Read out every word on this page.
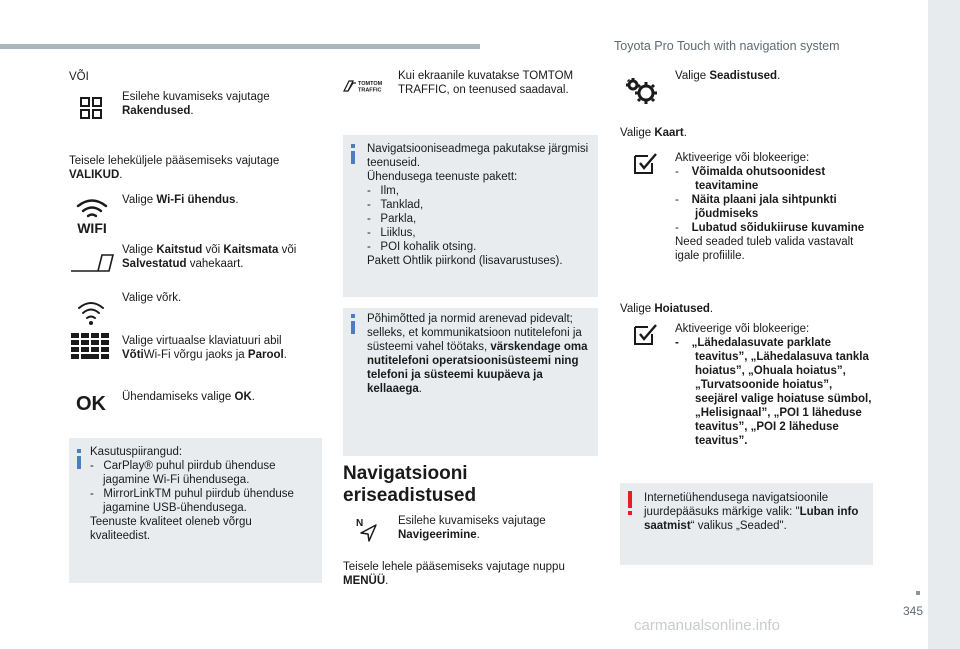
Toyota Pro Touch with navigation system
345
VÕI
Esilehe kuvamiseks vajutage Rakendused.
Teisele leheküljele pääsemiseks vajutage VALIKUD.
WIFI
Valige Wi-Fi ühendus.
Valige Kaitstud või Kaitsmata või Salvestatud vahekaart.
Valige võrk.
Valige virtuaalse klaviatuuri abil VõtiWi-Fi võrgu jaoks ja Parool.
OK Ühendamiseks valige OK.
Kasutuspiirangud:
-   CarPlay® puhul piirdub ühenduse jagamine Wi-Fi ühendusega.
-   MirrorLinkTM puhul piirdub ühenduse jagamine USB-ühendusega.
Teenuste kvaliteet oleneb võrgu kvaliteedist.
TOMTOM
TRAFFIC
Kui ekraanile kuvatakse TOMTOM TRAFFIC, on teenused saadaval.
Navigatsiooniseadmega pakutakse järgmisi teenuseid.
Ühendusega teenuste pakett:
-   Ilm,
-   Tanklad,
-   Parkla,
-   Liiklus,
-   POI kohalik otsing.
Pakett Ohtlik piirkond (lisavarustuses).
Põhimõtted ja normid arenevad pidevalt; selleks, et kommunikatsioon nutitelefoni ja süsteemi vahel töötaks, värskendage oma nutitelefoni operatsioonisüsteemi ning telefoni ja süsteemi kuupäeva ja kellaaega.
Navigatsiooni eriseadistused
N	Esilehe kuvamiseks vajutage Navigeerimine.
Teisele lehele pääsemiseks vajutage nuppu MENÜÜ.
Valige Seadistused.
Valige Kaart.
Aktiveerige või blokeerige:
-    Võimalda ohutsoonidest teavitamine
-    Näita plaani jala sihtpunkti jõudmiseks
-    Lubatud sõidukiiruse kuvamine
Need seaded tuleb valida vastavalt igale profiilile.
Valige Hoiatused.
Aktiveerige või blokeerige:
-    „Lähedalasuvate parklate teavitus”, „Lähedalasuva tankla hoiatus”, „Ohuala hoiatus”, „Turvatsoonide hoiatus”, seejärel valige hoiatuse sümbol, „Helisignaal”, „POI 1 läheduse teavitus”, „POI 2 läheduse teavitus”.
Internetiühendusega navigatsioonile juurdepääsuks märkige valik: "Luban info saatmist“ valikus „Seaded".
carmanualsonline.info
